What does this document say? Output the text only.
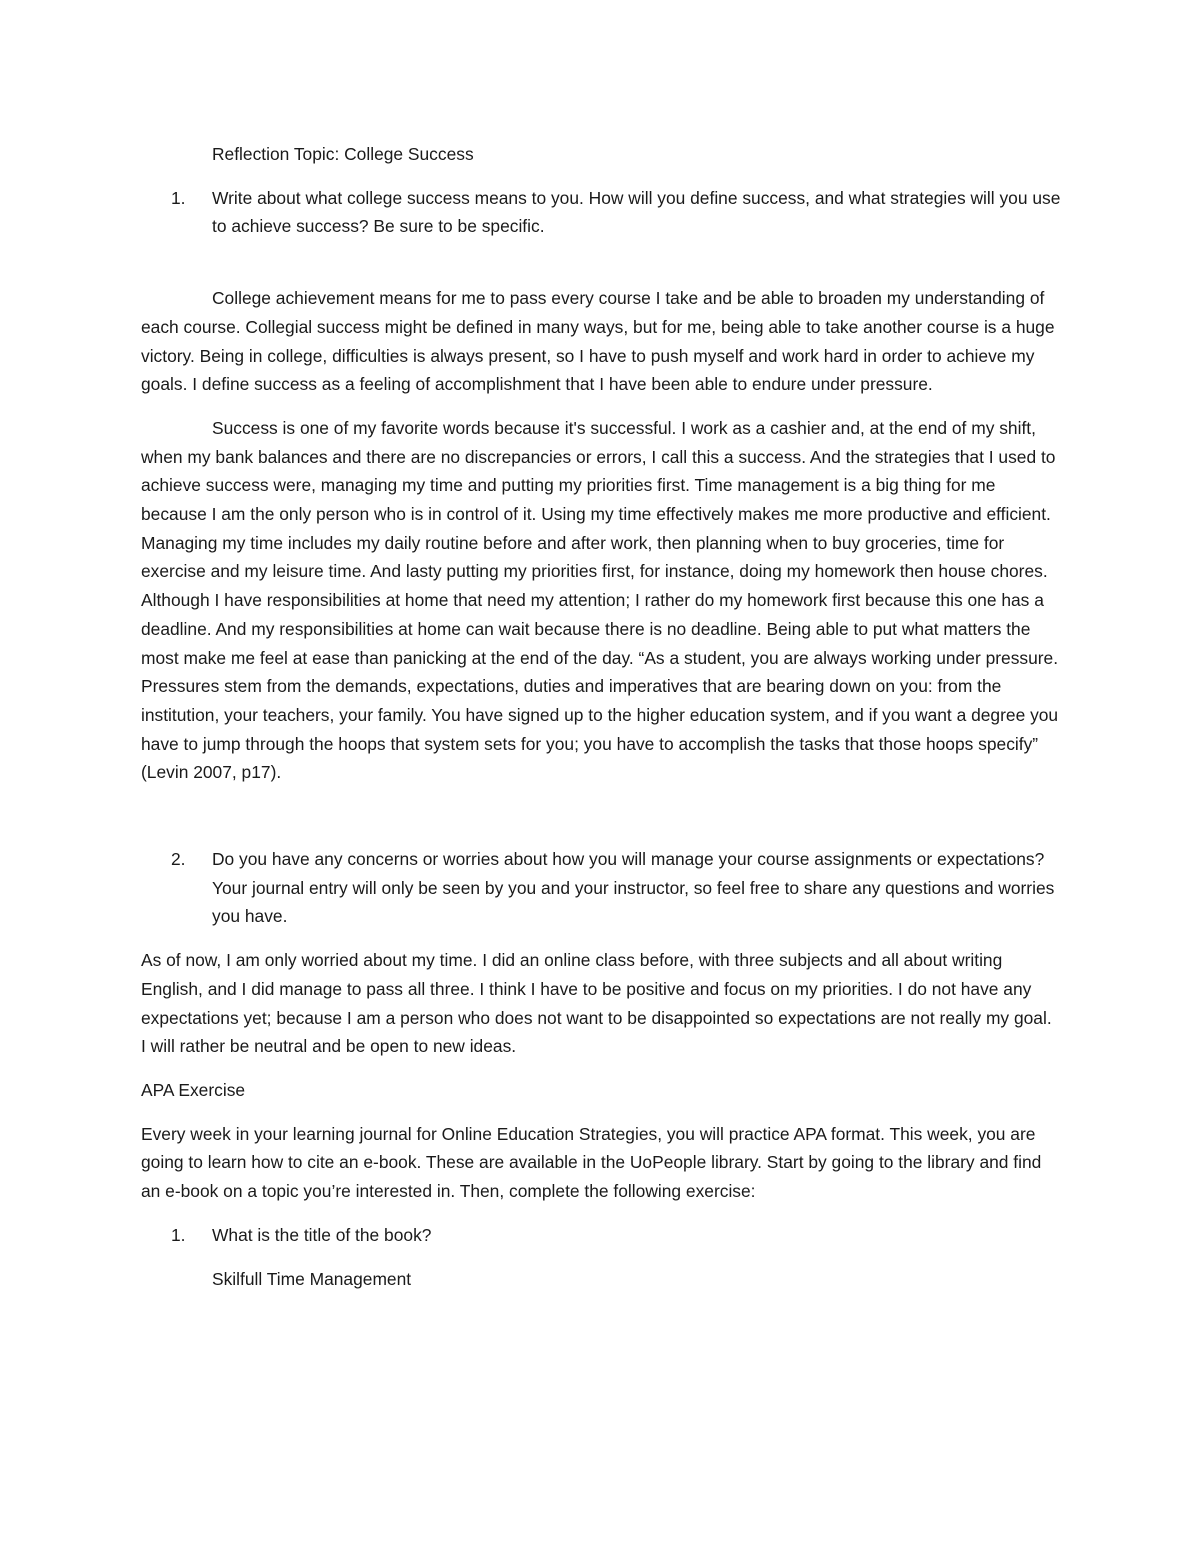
Reflection Topic: College Success

1.	Write about what college success means to you. How will you define success, and what strategies will you use to achieve success? Be sure to be specific.

College achievement means for me to pass every course I take and be able to broaden my understanding of each course. Collegial success might be defined in many ways, but for me, being able to take another course is a huge victory. Being in college, difficulties is always present, so I have to push myself and work hard in order to achieve my goals. I define success as a feeling of accomplishment that I have been able to endure under pressure.

Success is one of my favorite words because it's successful. I work as a cashier and, at the end of my shift, when my bank balances and there are no discrepancies or errors, I call this a success. And the strategies that I used to achieve success were, managing my time and putting my priorities first. Time management is a big thing for me because I am the only person who is in control of it. Using my time effectively makes me more productive and efficient. Managing my time includes my daily routine before and after work, then planning when to buy groceries, time for exercise and my leisure time. And lasty putting my priorities first, for instance, doing my homework then house chores. Although I have responsibilities at home that need my attention; I rather do my homework first because this one has a deadline. And my responsibilities at home can wait because there is no deadline. Being able to put what matters the most make me feel at ease than panicking at the end of the day. “As a student, you are always working under pressure. Pressures stem from the demands, expectations, duties and imperatives that are bearing down on you: from the institution, your teachers, your family. You have signed up to the higher education system, and if you want a degree you have to jump through the hoops that system sets for you; you have to accomplish the tasks that those hoops specify” (Levin 2007, p17).

2.	Do you have any concerns or worries about how you will manage your course assignments or expectations? Your journal entry will only be seen by you and your instructor, so feel free to share any questions and worries you have.

As of now, I am only worried about my time. I did an online class before, with three subjects and all about writing English, and I did manage to pass all three. I think I have to be positive and focus on my priorities. I do not have any expectations yet; because I am a person who does not want to be disappointed so expectations are not really my goal. I will rather be neutral and be open to new ideas.

APA Exercise

Every week in your learning journal for Online Education Strategies, you will practice APA format. This week, you are going to learn how to cite an e-book. These are available in the UoPeople library. Start by going to the library and find an e-book on a topic you’re interested in. Then, complete the following exercise:

1.	What is the title of the book?

Skilfull Time Management
